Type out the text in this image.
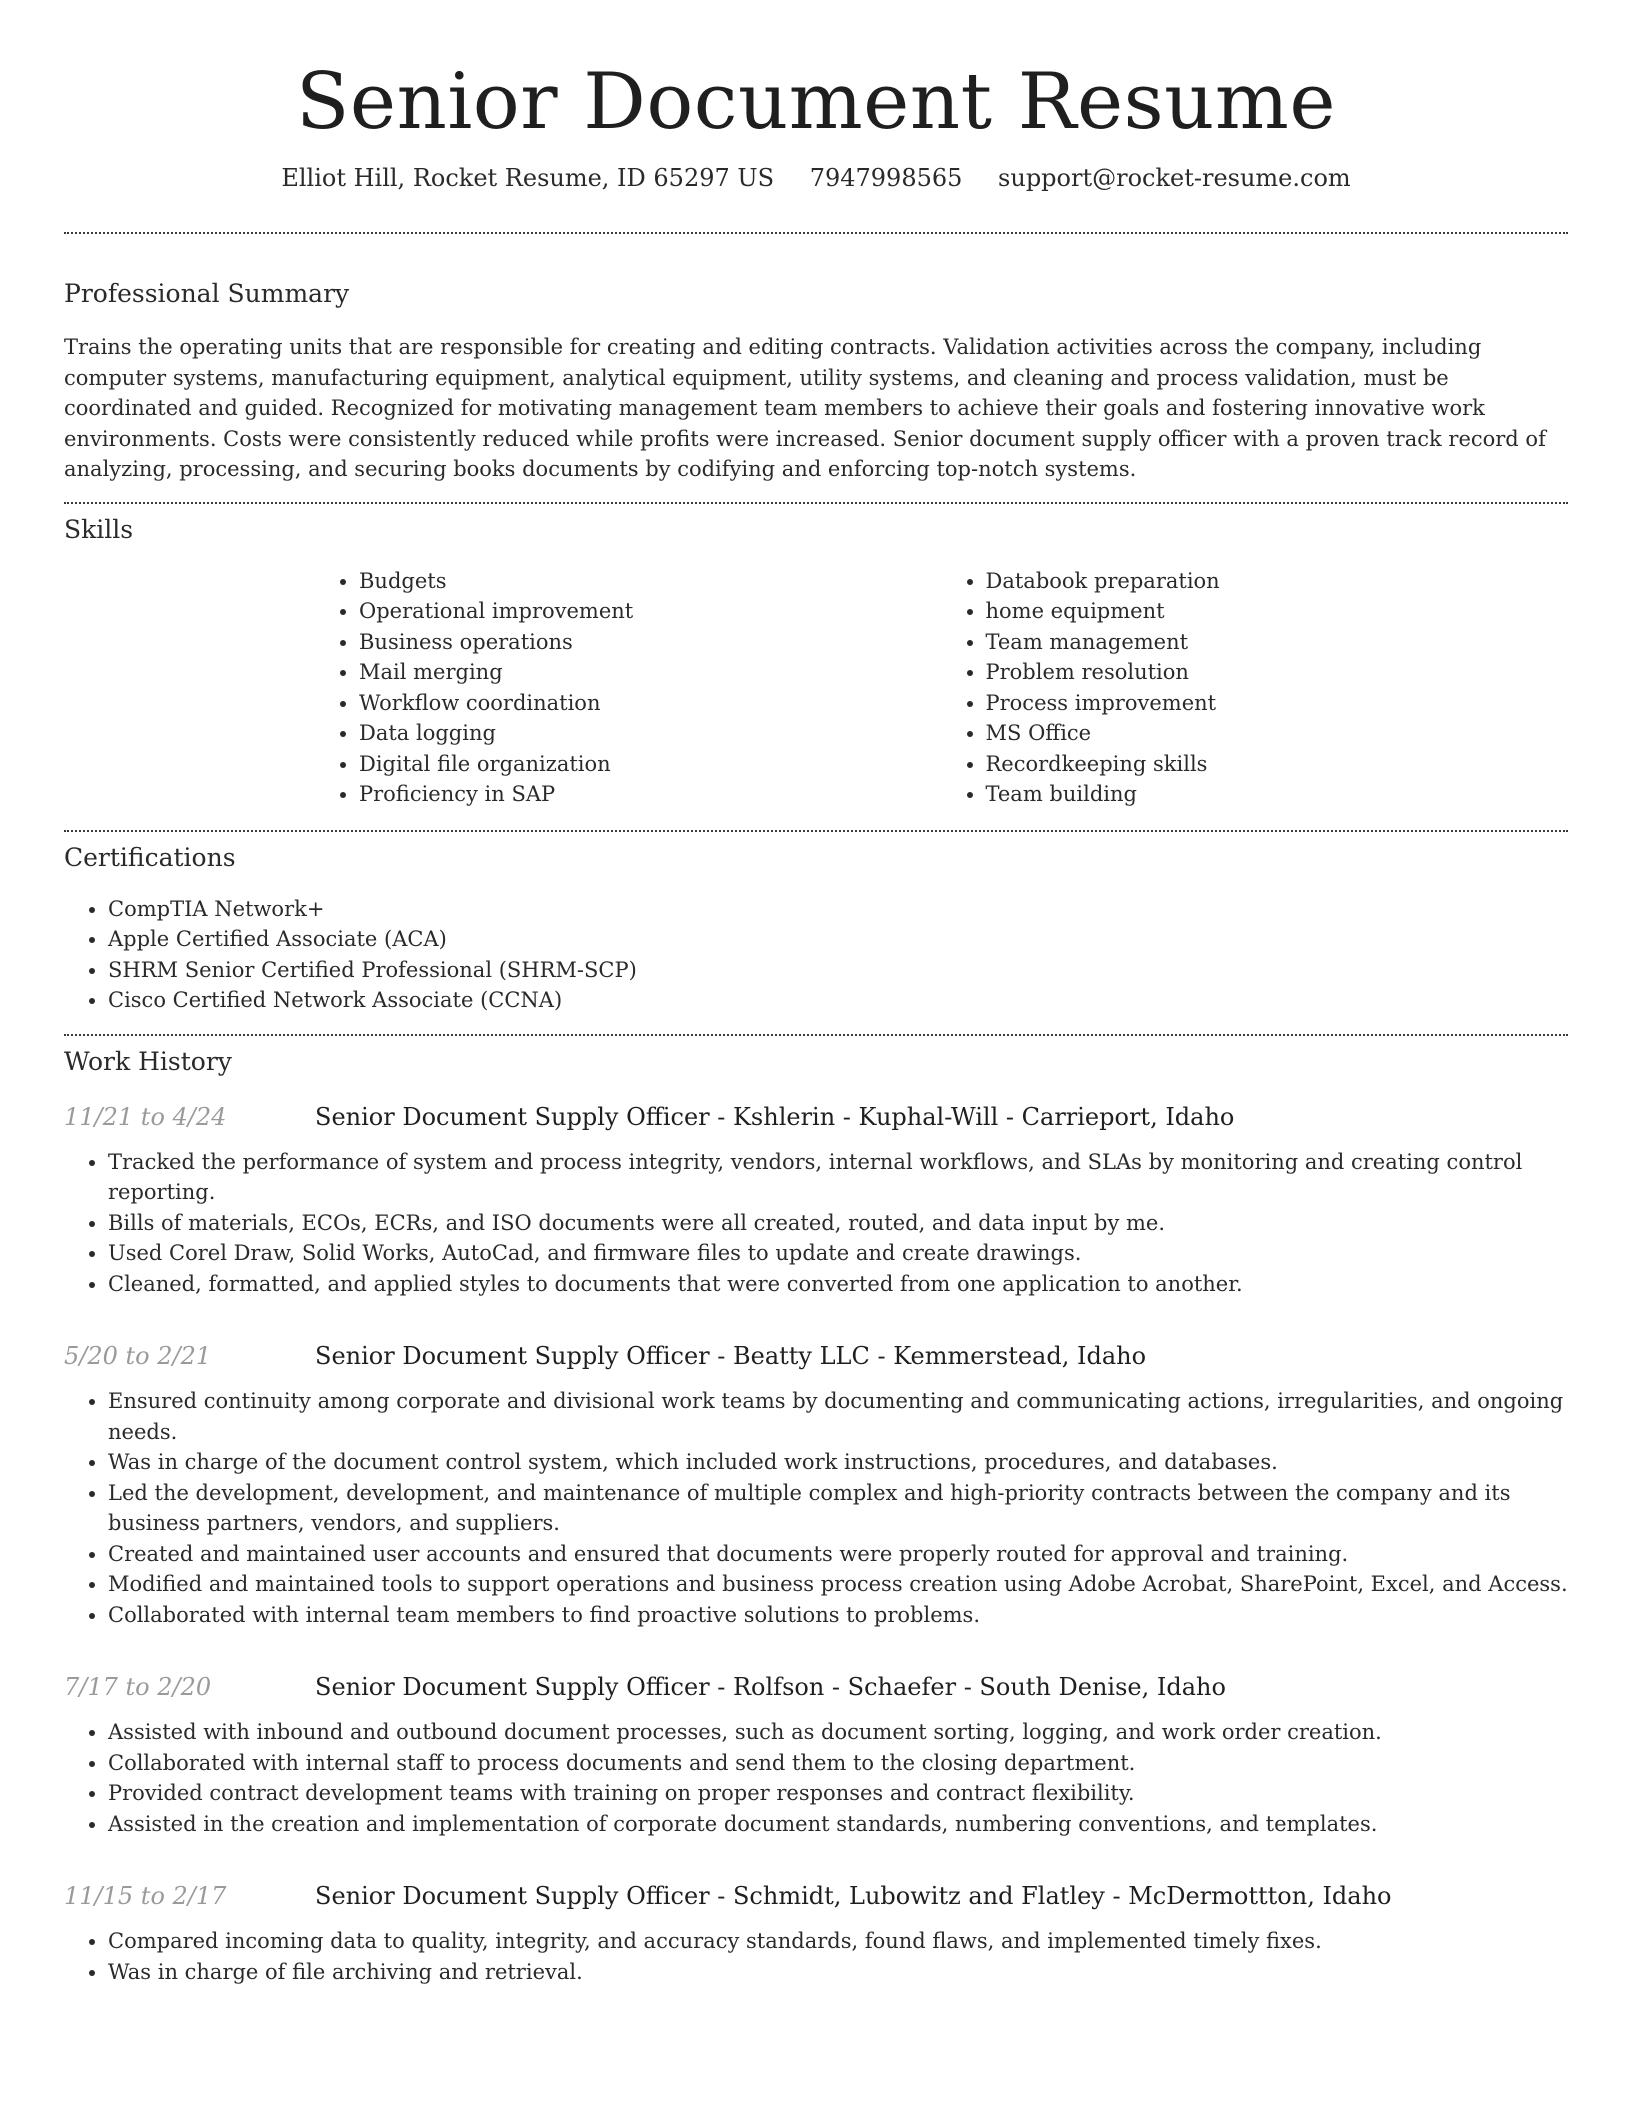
Senior Document Resume
Elliot Hill, Rocket Resume, ID 65297 US 7947998565 support@rocket-resume.com
Professional Summary

Trains the operating units that are responsible for creating and editing contracts. Validation activities across the company, including computer systems, manufacturing equipment, analytical equipment, utility systems, and cleaning and process validation, must be coordinated and guided. Recognized for motivating management team members to achieve their goals and fostering innovative work environments. Costs were consistently reduced while profits were increased. Senior document supply officer with a proven track record of analyzing, processing, and securing books documents by codifying and enforcing top-notch systems.

Skills
• Budgets
• Operational improvement
• Business operations
• Mail merging
• Workflow coordination
• Data logging
• Digital file organization
• Proficiency in SAP
• Databook preparation
• home equipment
• Team management
• Problem resolution
• Process improvement
• MS Office
• Recordkeeping skills
• Team building
Certifications
• CompTIA Network+
• Apple Certified Associate (ACA)
• SHRM Senior Certified Professional (SHRM-SCP)
• Cisco Certified Network Associate (CCNA)
Work History
11/21 to 4/24	Senior Document Supply Officer - Kshlerin - Kuphal-Will - Carrieport, Idaho
• Tracked the performance of system and process integrity, vendors, internal workflows, and SLAs by monitoring and creating control reporting.
• Bills of materials, ECOs, ECRs, and ISO documents were all created, routed, and data input by me.
• Used Corel Draw, Solid Works, AutoCad, and firmware files to update and create drawings.
• Cleaned, formatted, and applied styles to documents that were converted from one application to another.
5/20 to 2/21	Senior Document Supply Officer - Beatty LLC - Kemmerstead, Idaho
• Ensured continuity among corporate and divisional work teams by documenting and communicating actions, irregularities, and ongoing needs.
• Was in charge of the document control system, which included work instructions, procedures, and databases.
• Led the development, development, and maintenance of multiple complex and high-priority contracts between the company and its business partners, vendors, and suppliers.
• Created and maintained user accounts and ensured that documents were properly routed for approval and training.
• Modified and maintained tools to support operations and business process creation using Adobe Acrobat, SharePoint, Excel, and Access.
• Collaborated with internal team members to find proactive solutions to problems.
7/17 to 2/20	Senior Document Supply Officer - Rolfson - Schaefer - South Denise, Idaho
• Assisted with inbound and outbound document processes, such as document sorting, logging, and work order creation.
• Collaborated with internal staff to process documents and send them to the closing department.
• Provided contract development teams with training on proper responses and contract flexibility.
• Assisted in the creation and implementation of corporate document standards, numbering conventions, and templates.
11/15 to 2/17	Senior Document Supply Officer - Schmidt, Lubowitz and Flatley - McDermottton, Idaho
• Compared incoming data to quality, integrity, and accuracy standards, found flaws, and implemented timely fixes.
• Was in charge of file archiving and retrieval.
